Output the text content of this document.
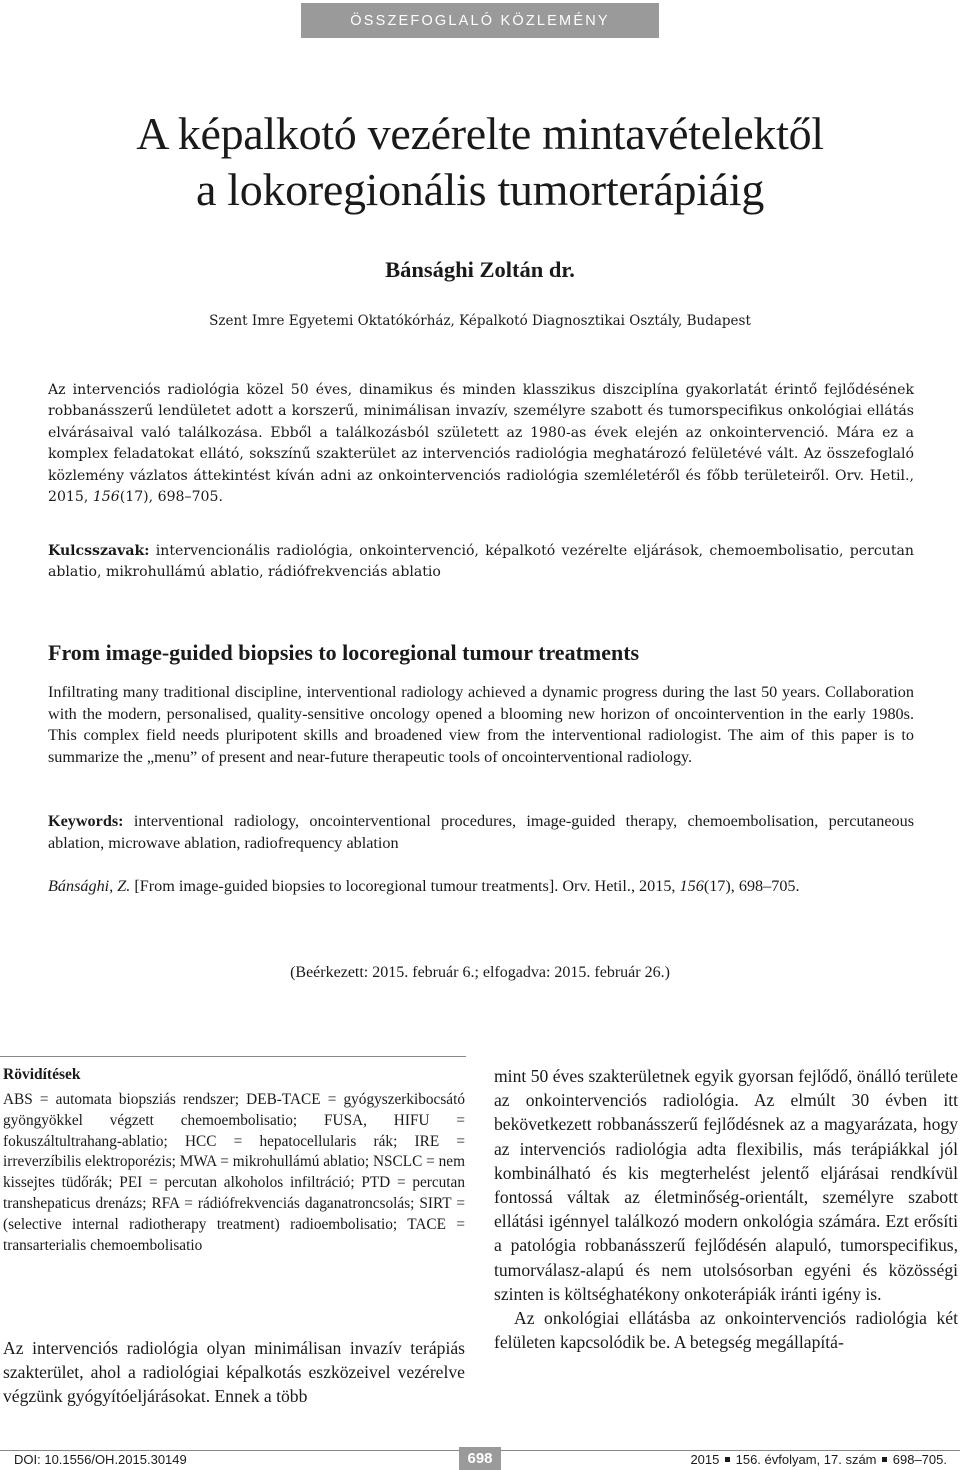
ÖSSZEFOGLALÓ KÖZLEMÉNY
A képalkotó vezérelte mintavételektől
a lokoregionális tumorterápiáig
Bánsághi Zoltán dr.
Szent Imre Egyetemi Oktatókórház, Képalkotó Diagnosztikai Osztály, Budapest

Az intervenciós radiológia közel 50 éves, dinamikus és minden klasszikus diszciplína gyakorlatát érintő fejlődésének robbanásszerű lendületet adott a korszerű, minimálisan invazív, személyre szabott és tumorspecifikus onkológiai ellátás elvárásaival való találkozása. Ebből a találkozásból született az 1980-as évek elején az onkointervenció. Mára ez a komplex feladatokat ellátó, sokszínű szakterület az intervenciós radiológia meghatározó felületévé vált. Az összefoglaló közlemény vázlatos áttekintést kíván adni az onkointervenciós radiológia szemléletéről és főbb területeiről. Orv. Hetil., 2015, 156(17), 698–705.

Kulcsszavak: intervencionális radiológia, onkointervenció, képalkotó vezérelte eljárások, chemoembolisatio, percutan ablatio, mikrohullámú ablatio, rádiófrekvenciás ablatio

From image-guided biopsies to locoregional tumour treatments

Infiltrating many traditional discipline, interventional radiology achieved a dynamic progress during the last 50 years. Collaboration with the modern, personalised, quality-sensitive oncology opened a blooming new horizon of oncointervention in the early 1980s. This complex field needs pluripotent skills and broadened view from the interventional radiologist. The aim of this paper is to summarize the „menu” of present and near-future therapeutic tools of oncointerventional radiology.

Keywords: interventional radiology, oncointerventional procedures, image-guided therapy, chemoembolisation, percutaneous ablation, microwave ablation, radiofrequency ablation

Bánsághi, Z. [From image-guided biopsies to locoregional tumour treatments]. Orv. Hetil., 2015, 156(17), 698–705.

(Beérkezett: 2015. február 6.; elfogadva: 2015. február 26.)
Rövidítések

ABS = automata biopsziás rendszer; DEB-TACE = gyógyszerkibocsátó gyöngyökkel végzett chemoembolisatio; FUSA, HIFU = fokuszáltultrahang-ablatio; HCC = hepatocellularis rák; IRE = irreverzíbilis elektroporézis; MWA = mikrohullámú ablatio; NSCLC = nem kissejtes tüdőrák; PEI = percutan alkoholos infiltráció; PTD = percutan transhepaticus drenázs; RFA = rádiófrekvenciás daganatroncsolás; SIRT = (selective internal radiotherapy treatment) radioembolisatio; TACE = transarterialis chemoembolisatio

Az intervenciós radiológia olyan minimálisan invazív terápiás szakterület, ahol a radiológiai képalkotás eszközeivel vezérelve végzünk gyógyítóeljárásokat. Ennek a több

mint 50 éves szakterületnek egyik gyorsan fejlődő, önálló területe az onkointervenciós radiológia. Az elmúlt 30 évben itt bekövetkezett robbanásszerű fejlődésnek az a magyarázata, hogy az intervenciós radiológia adta flexibilis, más terápiákkal jól kombinálható és kis megterhelést jelentő eljárásai rendkívül fontossá váltak az életminőség-orientált, személyre szabott ellátási igénnyel találkozó modern onkológia számára. Ezt erősíti a patológia robbanásszerű fejlődésén alapuló, tumorspecifikus, tumorválasz-alapú és nem utolsósorban egyéni és közösségi szinten is költséghatékony onkoterápiák iránti igény is.

Az onkológiai ellátásba az onkointervenciós radiológia két felületen kapcsolódik be. A betegség megállapítá-

DOI: 10.1556/OH.2015.30149	698	2015 156. évfolyam, 17. szám 698–705.
